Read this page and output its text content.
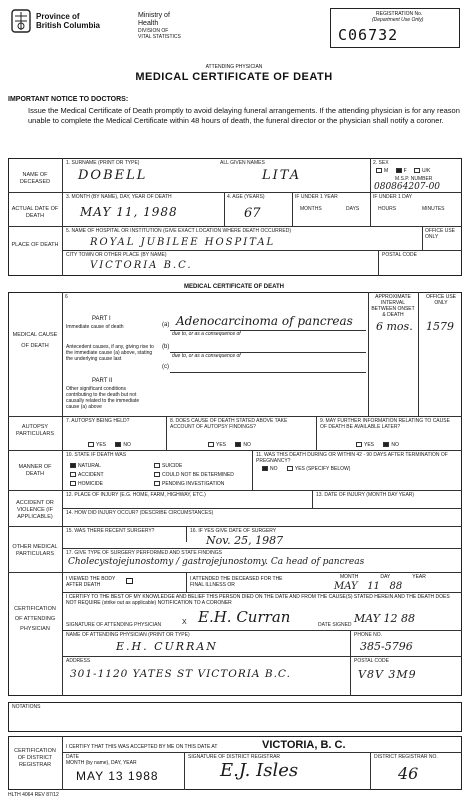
Province of
British Columbia
Ministry of
Health
DIVISION OF
VITAL STATISTICS
REGISTRATION No.
(Department Use Only)
C06732
ATTENDING PHYSICIAN
MEDICAL CERTIFICATE OF DEATH
IMPORTANT NOTICE TO DOCTORS:
Issue the Medical Certificate of Death promptly to avoid delaying funeral arrangements. If the attending physician is for any reason unable to complete the Medical Certificate within 48 hours of death, the funeral director or the physician shall notify a coroner.
NAME OF DECEASED
1. SURNAME (PRINT OR TYPE)
DOBELL
ALL GIVEN NAMES
LITA
2. SEX
M	F	U/K
M.S.P. NUMBER
080864207-00
ACTUAL DATE OF DEATH
3. MONTH (BY NAME), DAY, YEAR OF DEATH
MAY 11, 1988
4. AGE (YEARS)
67
IF UNDER 1 YEAR
MONTHS	DAYS
IF UNDER 1 DAY
HOURS	MINUTES
PLACE OF DEATH
5. NAME OF HOSPITAL OR INSTITUTION (GIVE EXACT LOCATION WHERE DEATH OCCURRED)
ROYAL JUBILEE HOSPITAL
OFFICE USE ONLY
CITY TOWN OR OTHER PLACE (BY NAME)
VICTORIA B.C.
POSTAL CODE
MEDICAL CERTIFICATE OF DEATH
MEDICAL CAUSE OF DEATH
6
PART I
Immediate cause of death	(a) Adenocarcinoma of pancreas
due to, or as a consequence of
Antecedent causes, if any, giving rise to the immediate cause (a) above, stating the underlying cause last
(b)
due to, or as a consequence of
(c)
PART II
Other significant conditions contributing to the death but not causally related to the immediate cause (a) above
APPROXIMATE INTERVAL BETWEEN ONSET & DEATH
6 mos.
OFFICE USE ONLY
1579
AUTOPSY PARTICULARS
7. AUTOPSY BEING HELD?
YES	NO
8. DOES CAUSE OF DEATH STATED ABOVE TAKE ACCOUNT OF AUTOPSY FINDINGS?
YES	NO
9. MAY FURTHER INFORMATION RELATING TO CAUSE OF DEATH BE AVAILABLE LATER?
YES	NO
MANNER OF DEATH
10. STATE IF DEATH WAS
NATURAL
ACCIDENT
HOMICIDE
SUICIDE
COULD NOT BE DETERMINED
PENDING INVESTIGATION
11. WAS THIS DEATH DURING OR WITHIN 42 - 90 DAYS AFTER TERMINATION OF PREGNANCY?
NO	YES (SPECIFY BELOW)
ACCIDENT OR VIOLENCE (IF APPLICABLE)
12. PLACE OF INJURY (E.G. HOME, FARM, HIGHWAY, ETC.)	13. DATE OF INJURY (MONTH DAY YEAR)
14. HOW DID INJURY OCCUR? (DESCRIBE CIRCUMSTANCES)
OTHER MEDICAL PARTICULARS
15. WAS THERE RECENT SURGERY?	16. IF YES GIVE DATE OF SURGERY
Nov. 25, 1987
17. GIVE TYPE OF SURGERY PERFORMED AND STATE FINDINGS
Cholecystojejunostomy / gastrojejunostomy. Ca head of pancreas
CERTIFICATION OF ATTENDING PHYSICIAN
I VIEWED THE BODY AFTER DEATH
I ATTENDED THE DECEASED FOR THE FINAL ILLNESS OR
MONTH	DAY	YEAR
MAY   11   88
I CERTIFY TO THE BEST OF MY KNOWLEDGE AND BELIEF THIS PERSON DIED ON THE DATE AND FROM THE CAUSE(S) STATED HEREIN AND THE DEATH DOES NOT REQUIRE (strike out as applicable) NOTIFICATION TO A CORONER
SIGNATURE OF ATTENDING PHYSICIAN	X E.H. Curran	DATE SIGNED MAY 12 88
NAME OF ATTENDING PHYSICIAN (PRINT OR TYPE)
E.H. CURRAN
PHONE NO.
385-5796
ADDRESS
301-1120 YATES ST VICTORIA B.C.
POSTAL CODE
V8V 3M9
NOTATIONS
CERTIFICATION OF DISTRICT REGISTRAR
I CERTIFY THAT THIS WAS ACCEPTED BY ME ON THIS DATE AT	VICTORIA, B. C.
DATE
MONTH (by name), DAY, YEAR
MAY 13 1988
SIGNATURE OF DISTRICT REGISTRAR
E.J. Isles
DISTRICT REGISTRAR NO.
46
HLTH 4064 REV 87/12
